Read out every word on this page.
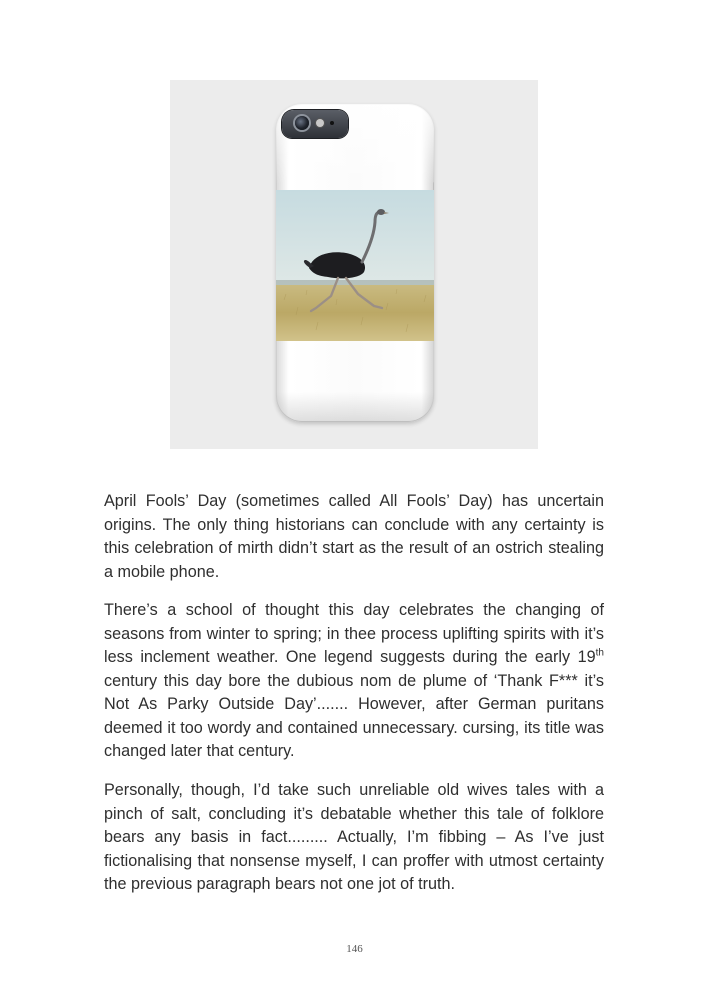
April Fools’ Day (sometimes called All Fools’ Day) has uncertain origins. The only thing historians can conclude with any certainty is this celebration of mirth didn’t start as the result of an ostrich stealing a mobile phone.

There’s a school of thought this day celebrates the changing of seasons from winter to spring; in thee process uplifting spirits with it’s less inclement weather. One legend suggests during the early 19th century this day bore the dubious nom de plume of ‘Thank F*** it’s Not As Parky Outside Day’....... However, after German puritans deemed it too wordy and contained unnecessary. cursing, its title was changed later that century.

Personally, though, I’d take such unreliable old wives tales with a pinch of salt, concluding it’s debatable whether this tale of folklore bears any basis in fact......... Actually, I’m fibbing – As I’ve just fictionalising that nonsense myself, I can proffer with utmost certainty the previous paragraph bears not one jot of truth.

146
